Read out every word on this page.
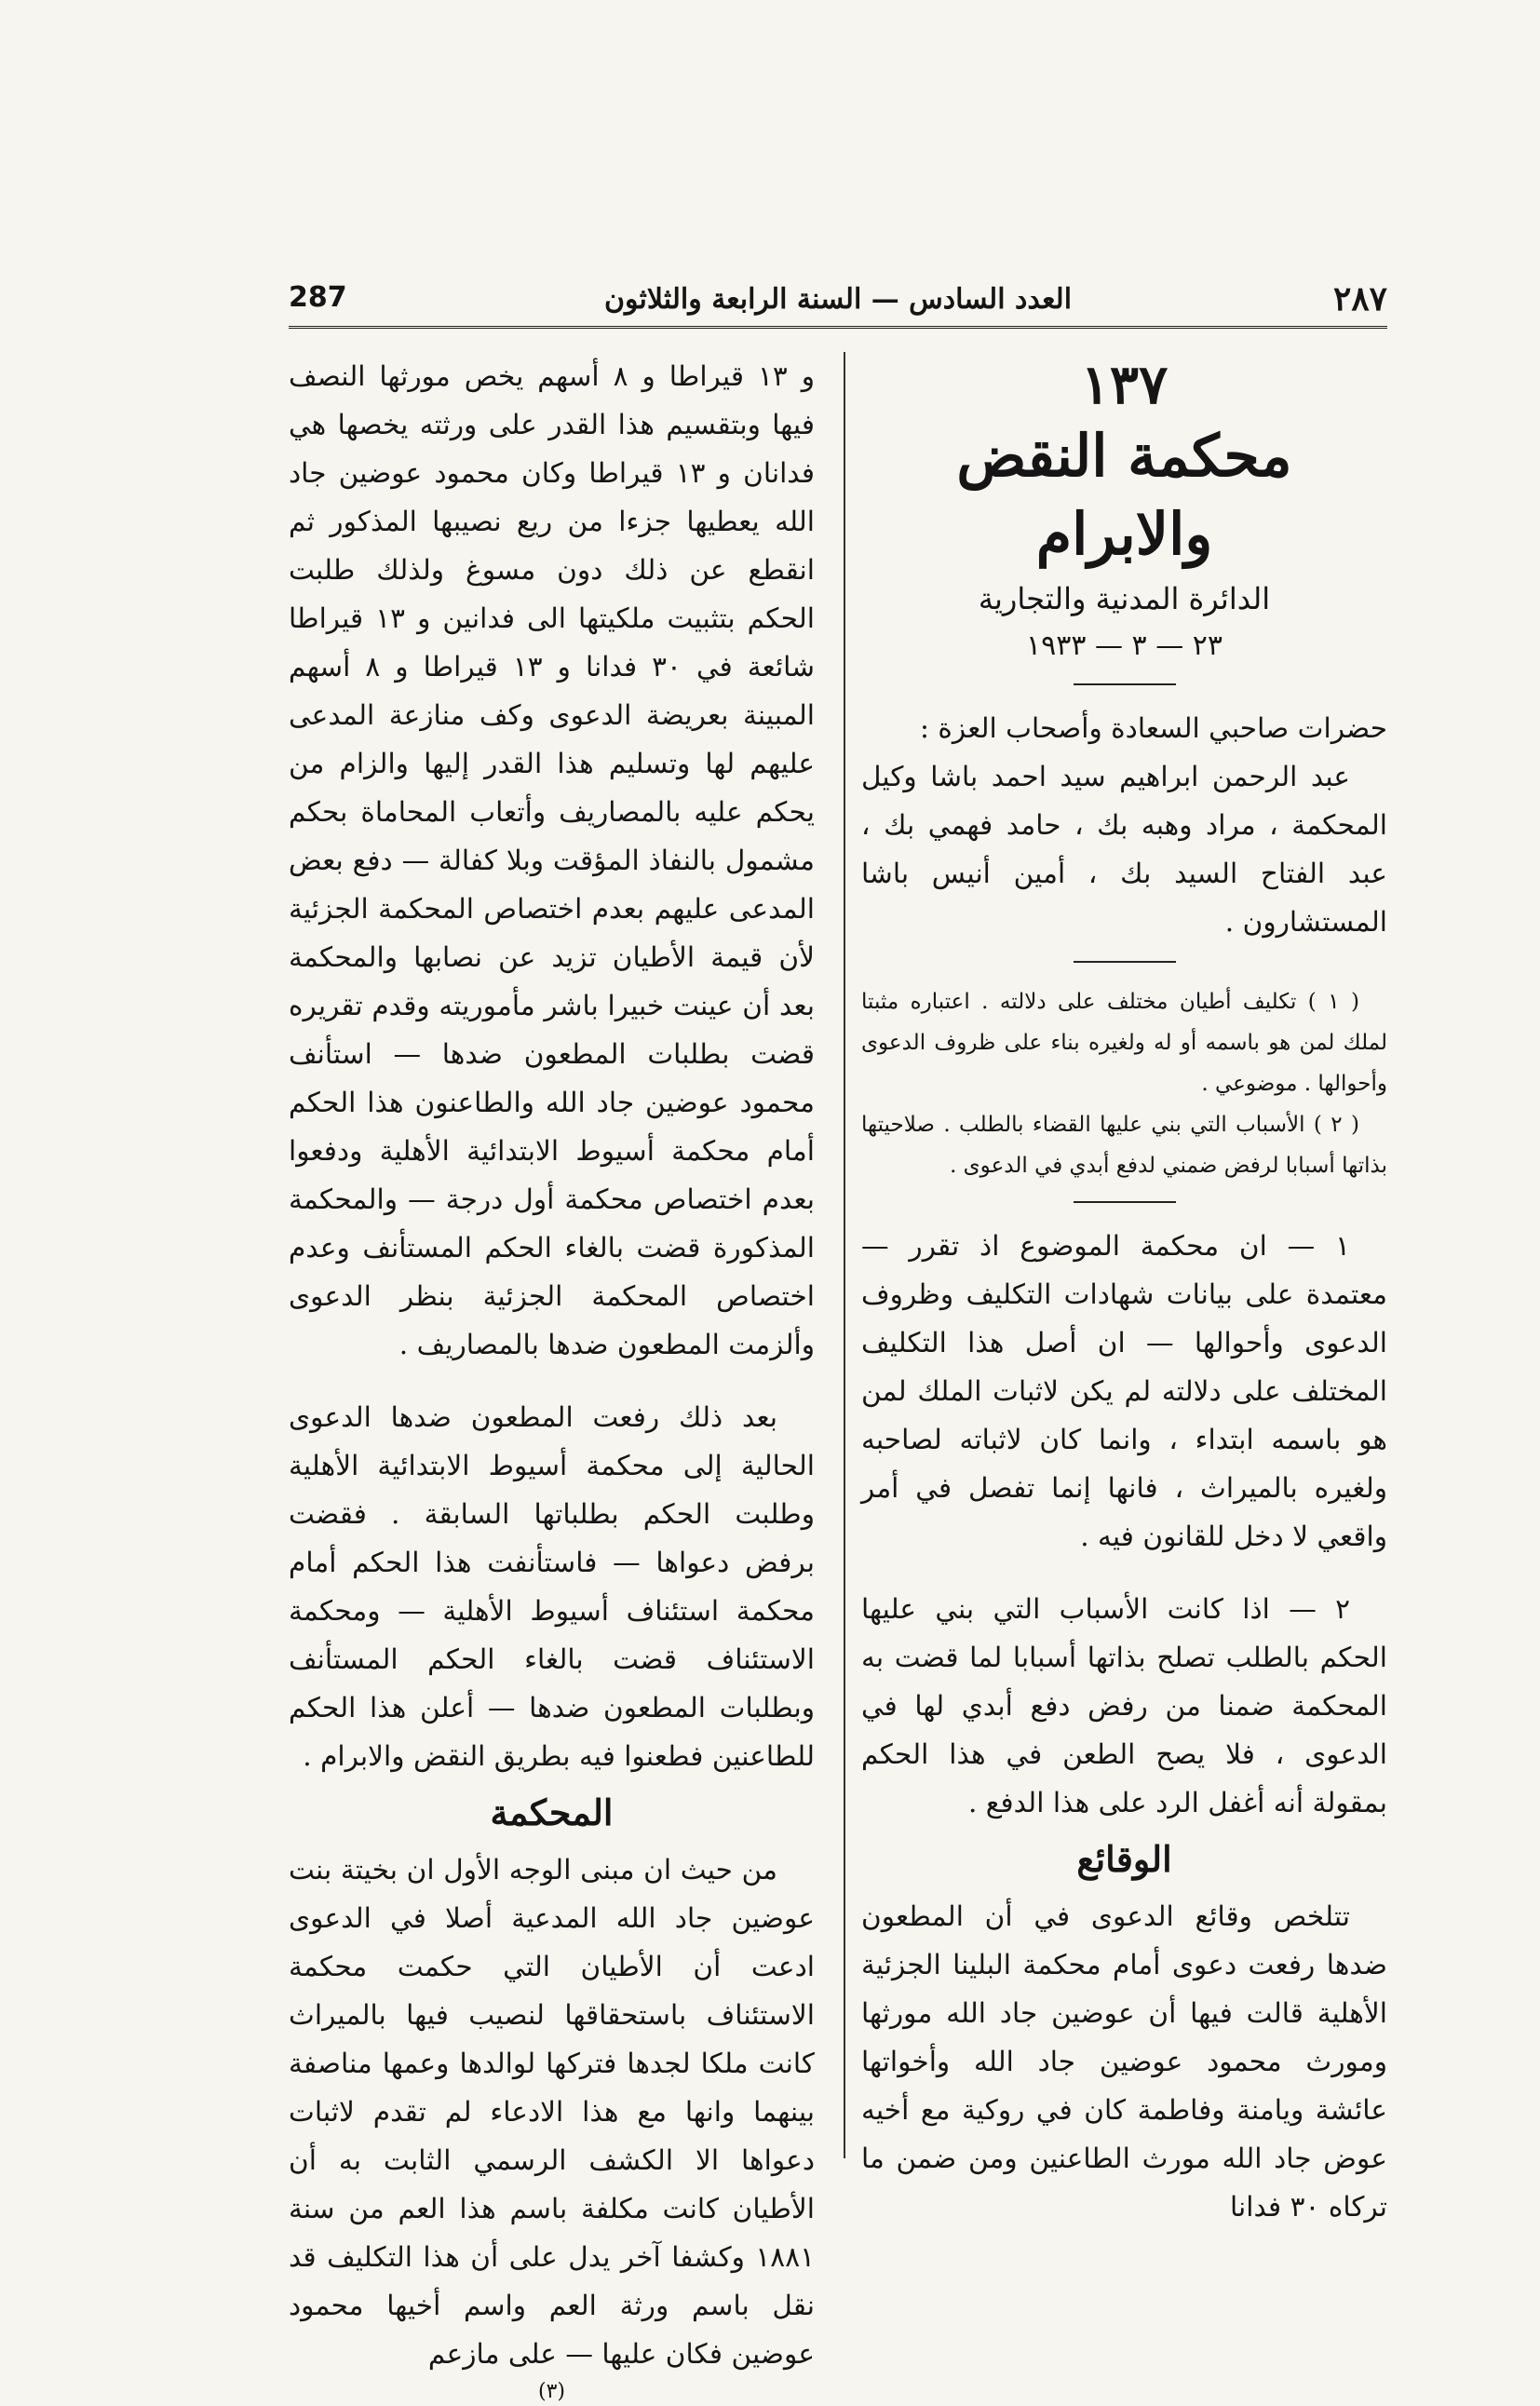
٢٨٧
العدد السادس — السنة الرابعة والثلاثون
287

١٣٧

محكمة النقض والابرام

الدائرة المدنية والتجارية

٢٣ — ٣ — ١٩٣٣

حضرات صاحبي السعادة وأصحاب العزة :

عبد الرحمن ابراهيم سيد احمد باشا وكيل المحكمة ، مراد وهبه بك ، حامد فهمي بك ، عبد الفتاح السيد بك ، أمين أنيس باشا المستشارون .

( ١ ) تكليف أطيان مختلف على دلالته . اعتباره مثبتا لملك لمن هو باسمه أو له ولغيره بناء على ظروف الدعوى وأحوالها . موضوعي .

( ٢ ) الأسباب التي بني عليها القضاء بالطلب . صلاحيتها بذاتها أسبابا لرفض ضمني لدفع أبدي في الدعوى .

١ — ان محكمة الموضوع اذ تقرر — معتمدة على بيانات شهادات التكليف وظروف الدعوى وأحوالها — ان أصل هذا التكليف المختلف على دلالته لم يكن لاثبات الملك لمن هو باسمه ابتداء ، وانما كان لاثباته لصاحبه ولغيره بالميراث ، فانها إنما تفصل في أمر واقعي لا دخل للقانون فيه .

٢ — اذا كانت الأسباب التي بني عليها الحكم بالطلب تصلح بذاتها أسبابا لما قضت به المحكمة ضمنا من رفض دفع أبدي لها في الدعوى ، فلا يصح الطعن في هذا الحكم بمقولة أنه أغفل الرد على هذا الدفع .

الوقائع

تتلخص وقائع الدعوى في أن المطعون ضدها رفعت دعوى أمام محكمة البلينا الجزئية الأهلية قالت فيها أن عوضين جاد الله مورثها ومورث محمود عوضين جاد الله وأخواتها عائشة ويامنة وفاطمة كان في روكية مع أخيه عوض جاد الله مورث الطاعنين ومن ضمن ما تركاه ٣٠ فدانا

و ١٣ قيراطا و ٨ أسهم يخص مورثها النصف فيها وبتقسيم هذا القدر على ورثته يخصها هي فدانان و ١٣ قيراطا وكان محمود عوضين جاد الله يعطيها جزءا من ريع نصيبها المذكور ثم انقطع عن ذلك دون مسوغ ولذلك طلبت الحكم بتثبيت ملكيتها الى فدانين و ١٣ قيراطا شائعة في ٣٠ فدانا و ١٣ قيراطا و ٨ أسهم المبينة بعريضة الدعوى وكف منازعة المدعى عليهم لها وتسليم هذا القدر إليها والزام من يحكم عليه بالمصاريف وأتعاب المحاماة بحكم مشمول بالنفاذ المؤقت وبلا كفالة — دفع بعض المدعى عليهم بعدم اختصاص المحكمة الجزئية لأن قيمة الأطيان تزيد عن نصابها والمحكمة بعد أن عينت خبيرا باشر مأموريته وقدم تقريره قضت بطلبات المطعون ضدها — استأنف محمود عوضين جاد الله والطاعنون هذا الحكم أمام محكمة أسيوط الابتدائية الأهلية ودفعوا بعدم اختصاص محكمة أول درجة — والمحكمة المذكورة قضت بالغاء الحكم المستأنف وعدم اختصاص المحكمة الجزئية بنظر الدعوى وألزمت المطعون ضدها بالمصاريف .

بعد ذلك رفعت المطعون ضدها الدعوى الحالية إلى محكمة أسيوط الابتدائية الأهلية وطلبت الحكم بطلباتها السابقة . فقضت برفض دعواها — فاستأنفت هذا الحكم أمام محكمة استئناف أسيوط الأهلية — ومحكمة الاستئناف قضت بالغاء الحكم المستأنف وبطلبات المطعون ضدها — أعلن هذا الحكم للطاعنين فطعنوا فيه بطريق النقض والابرام .

المحكمة

من حيث ان مبنى الوجه الأول ان بخيتة بنت عوضين جاد الله المدعية أصلا في الدعوى ادعت أن الأطيان التي حكمت محكمة الاستئناف باستحقاقها لنصيب فيها بالميراث كانت ملكا لجدها فتركها لوالدها وعمها مناصفة بينهما وانها مع هذا الادعاء لم تقدم لاثبات دعواها الا الكشف الرسمي الثابت به أن الأطيان كانت مكلفة باسم هذا العم من سنة ١٨٨١ وكشفا آخر يدل على أن هذا التكليف قد نقل باسم ورثة العم واسم أخيها محمود عوضين فكان عليها — على مازعم

(٣)
